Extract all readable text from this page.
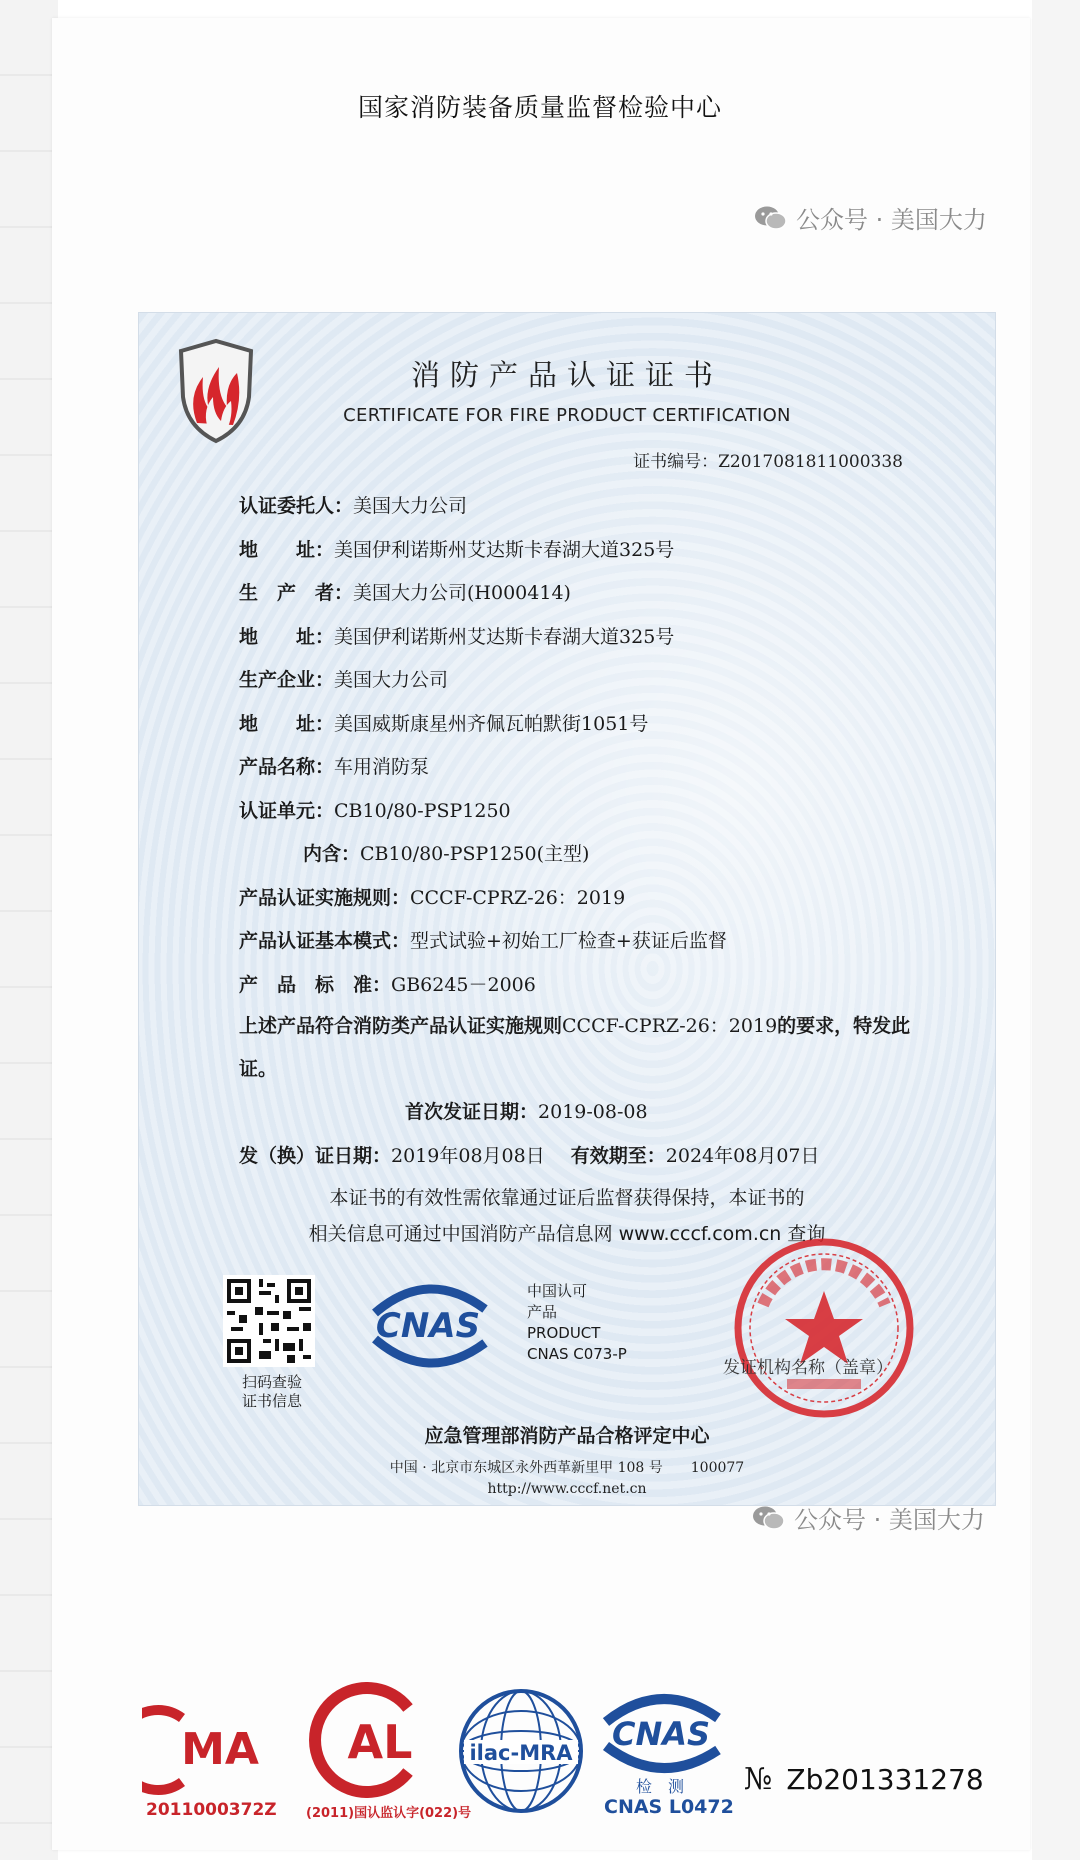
国家消防装备质量监督检验中心
公众号 · 美国大力
消防产品认证证书
CERTIFICATE FOR FIRE PRODUCT CERTIFICATION
证书编号：Z2017081811000338
认证委托人：美国大力公司
地　　址：美国伊利诺斯州艾达斯卡春湖大道325号
生　产　者：美国大力公司(H000414)
地　　址：美国伊利诺斯州艾达斯卡春湖大道325号
生产企业：美国大力公司
地　　址：美国威斯康星州齐佩瓦帕默街1051号
产品名称：车用消防泵
认证单元：CB10/80-PSP1250
内含：CB10/80-PSP1250(主型)
产品认证实施规则：CCCF-CPRZ-26：2019
产品认证基本模式：型式试验+初始工厂检查+获证后监督
产　品　标　准：GB6245－2006
上述产品符合消防类产品认证实施规则CCCF-CPRZ-26：2019的要求，特发此证。
首次发证日期：2019-08-08
发（换）证日期：2019年08月08日 有效期至：2024年08月07日
本证书的有效性需依靠通过证后监督获得保持，本证书的
相关信息可通过中国消防产品信息网 www.cccf.com.cn 查询
扫码查验
证书信息
CNAS
中国认可
产品
PRODUCT
CNAS C073-P
发证机构名称（盖章）
应急管理部消防产品合格评定中心
中国 · 北京市东城区永外西革新里甲 108 号　　100077
http://www.cccf.net.cn
公众号 · 美国大力
MA
2011000372Z
AL
(2011)国认监认字(022)号
ilac-MRA CNAS
检　测
CNAS L0472
№ Zb201331278
